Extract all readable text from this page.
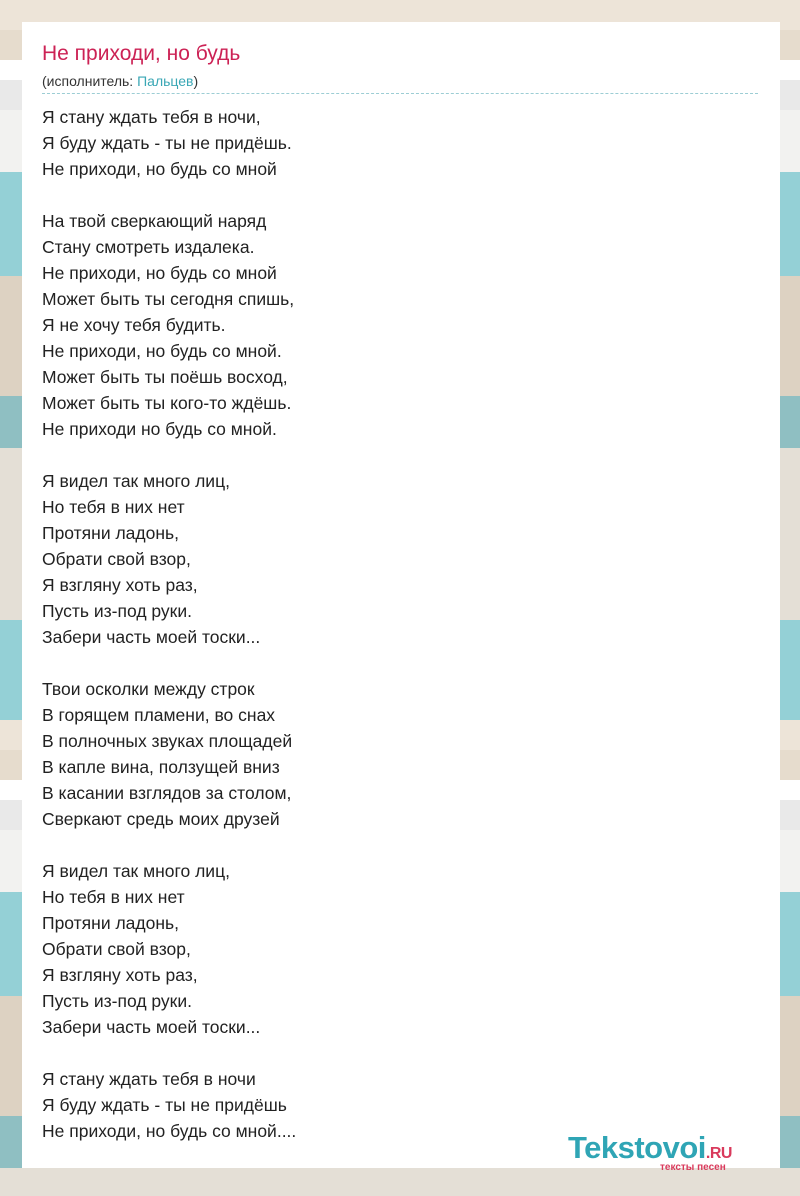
Не приходи, но будь
(исполнитель: Пальцев)
Я стану ждать тебя в ночи,
Я буду ждать - ты не придёшь.
Не приходи, но будь со мной
На твой сверкающий наряд
Стану смотреть издалека.
Не приходи, но будь со мной
Может быть ты сегодня спишь,
Я не хочу тебя будить.
Не приходи, но будь со мной.
Может быть ты поёшь восход,
Может быть ты кого-то ждёшь.
Не приходи но будь со мной.
Я видел так много лиц,
Но тебя в них нет
Протяни ладонь,
Обрати свой взор,
Я взгляну хоть раз,
Пусть из-под руки.
Забери часть моей тоски...
Твои осколки между строк
В горящем пламени, во снах
В полночных звуках площадей
В капле вина, ползущей вниз
В касании взглядов за столом,
Сверкают средь моих друзей
Я видел так много лиц,
Но тебя в них нет
Протяни ладонь,
Обрати свой взор,
Я взгляну хоть раз,
Пусть из-под руки.
Забери часть моей тоски...
Я стану ждать тебя в ночи
Я буду ждать - ты не придёшь
Не приходи, но будь со мной....	Tekstovoi.RU
тексты песен
